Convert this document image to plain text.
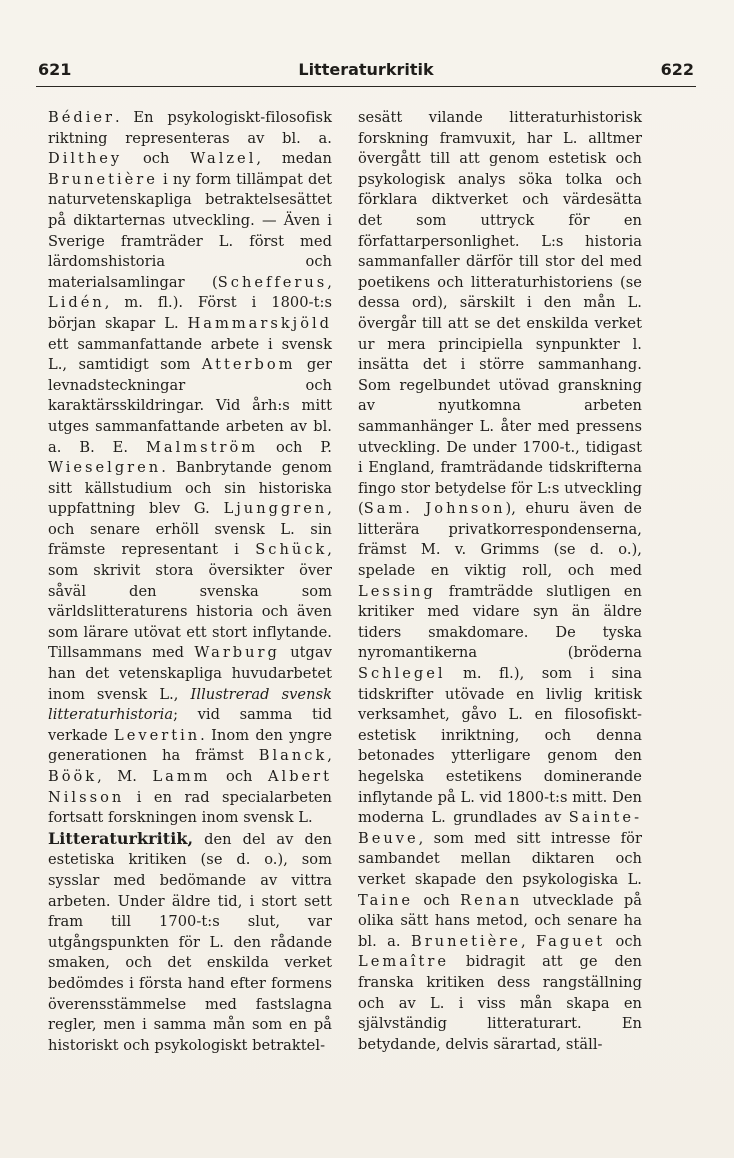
621	Litteraturkritik	622

Bédier. En psykologiskt-filosofisk riktning representeras av bl. a. Dilthey och Walzel, medan Brunetière i ny form tillämpat det naturvetenskapliga betraktelsesättet på diktarternas utveckling. — Även i Sverige framträder L. först med lärdomshistoria och materialsamlingar (Schefferus, Lidén, m. fl.). Först i 1800-t:s början skapar L. Hammarskjöld ett sammanfattande arbete i svensk L., samtidigt som Atterbom ger levnadsteckningar och karaktärsskildringar. Vid årh:s mitt utges sammanfattande arbeten av bl. a. B. E. Malmström och P. Wieselgren. Banbrytande genom sitt källstudium och sin historiska uppfattning blev G. Ljunggren, och senare erhöll svensk L. sin främste representant i Schück, som skrivit stora översikter över såväl den svenska som världslitteraturens historia och även som lärare utövat ett stort inflytande. Tillsammans med Warburg utgav han det vetenskapliga huvudarbetet inom svensk L., Illustrerad svensk litteraturhistoria; vid samma tid verkade Levertin. Inom den yngre generationen ha främst Blanck, Böök, M. Lamm och Albert Nilsson i en rad specialarbeten fortsatt forskningen inom svensk L.

Litteraturkritik, den del av den estetiska kritiken (se d. o.), som sysslar med bedömande av vittra arbeten. Under äldre tid, i stort sett fram till 1700-t:s slut, var utgångspunkten för L. den rådande smaken, och det enskilda verket bedömdes i första hand efter formens överensstämmelse med fastslagna regler, men i samma mån som en på historiskt och psykologiskt betraktel-

sesätt vilande litteraturhistorisk forskning framvuxit, har L. alltmer övergått till att genom estetisk och psykologisk analys söka tolka och förklara diktverket och värdesätta det som uttryck för en författarpersonlighet. L:s historia sammanfaller därför till stor del med poetikens och litteraturhistoriens (se dessa ord), särskilt i den mån L. övergår till att se det enskilda verket ur mera principiella synpunkter l. insätta det i större sammanhang. Som regelbundet utövad granskning av nyutkomna arbeten sammanhänger L. åter med pressens utveckling. De under 1700-t., tidigast i England, framträdande tidskrifterna fingo stor betydelse för L:s utveckling (Sam. Johnson), ehuru även de litterära privatkorrespondenserna, främst M. v. Grimms (se d. o.), spelade en viktig roll, och med Lessing framträdde slutligen en kritiker med vidare syn än äldre tiders smakdomare. De tyska nyromantikerna (bröderna Schlegel m. fl.), som i sina tidskrifter utövade en livlig kritisk verksamhet, gåvo L. en filosofiskt-estetisk inriktning, och denna betonades ytterligare genom den hegelska estetikens dominerande inflytande på L. vid 1800-t:s mitt. Den moderna L. grundlades av Sainte-Beuve, som med sitt intresse för sambandet mellan diktaren och verket skapade den psykologiska L. Taine och Renan utvecklade på olika sätt hans metod, och senare ha bl. a. Brunetière, Faguet och Lemaître bidragit att ge den franska kritiken dess rangställning och av L. i viss mån skapa en självständig litteraturart. En betydande, delvis särartad, ställ-
